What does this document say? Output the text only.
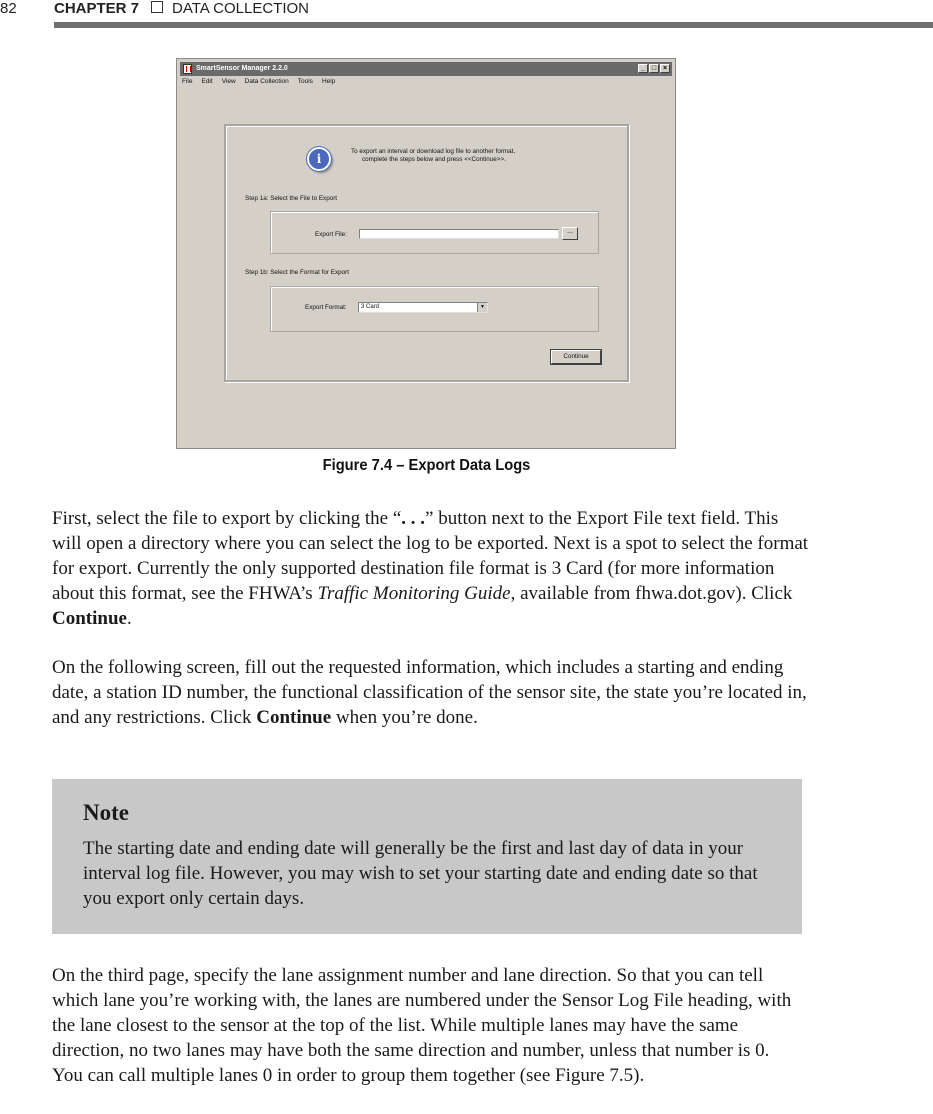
82 CHAPTER 7 DATA COLLECTION
SmartSensor Manager 2.2.0	_ □ ×
File Edit View Data Collection Tools Help
i
To export an interval or download log file to another format,
complete the steps below and press <<Continue>>.
Step 1a: Select the File to Export
Export File:	...
Step 1b: Select the Format for Export
Export Format:	3 Card	▼
Continue
Figure 7.4 – Export Data Logs

First, select the file to export by clicking the “. . .” button next to the Export File text field. This will open a directory where you can select the log to be exported. Next is a spot to select the format for export. Currently the only supported destination file format is 3 Card (for more information about this format, see the FHWA’s Traffic Monitoring Guide, available from fhwa.dot.gov). Click Continue.

On the following screen, fill out the requested information, which includes a starting and ending date, a station ID number, the functional classification of the sensor site, the state you’re located in, and any restrictions. Click Continue when you’re done.

Note

The starting date and ending date will generally be the first and last day of data in your interval log file. However, you may wish to set your starting date and ending date so that you export only certain days.

On the third page, specify the lane assignment number and lane direction. So that you can tell which lane you’re working with, the lanes are numbered under the Sensor Log File heading, with the lane closest to the sensor at the top of the list. While multiple lanes may have the same direction, no two lanes may have both the same direction and number, unless that number is 0. You can call multiple lanes 0 in order to group them together (see Figure 7.5).
